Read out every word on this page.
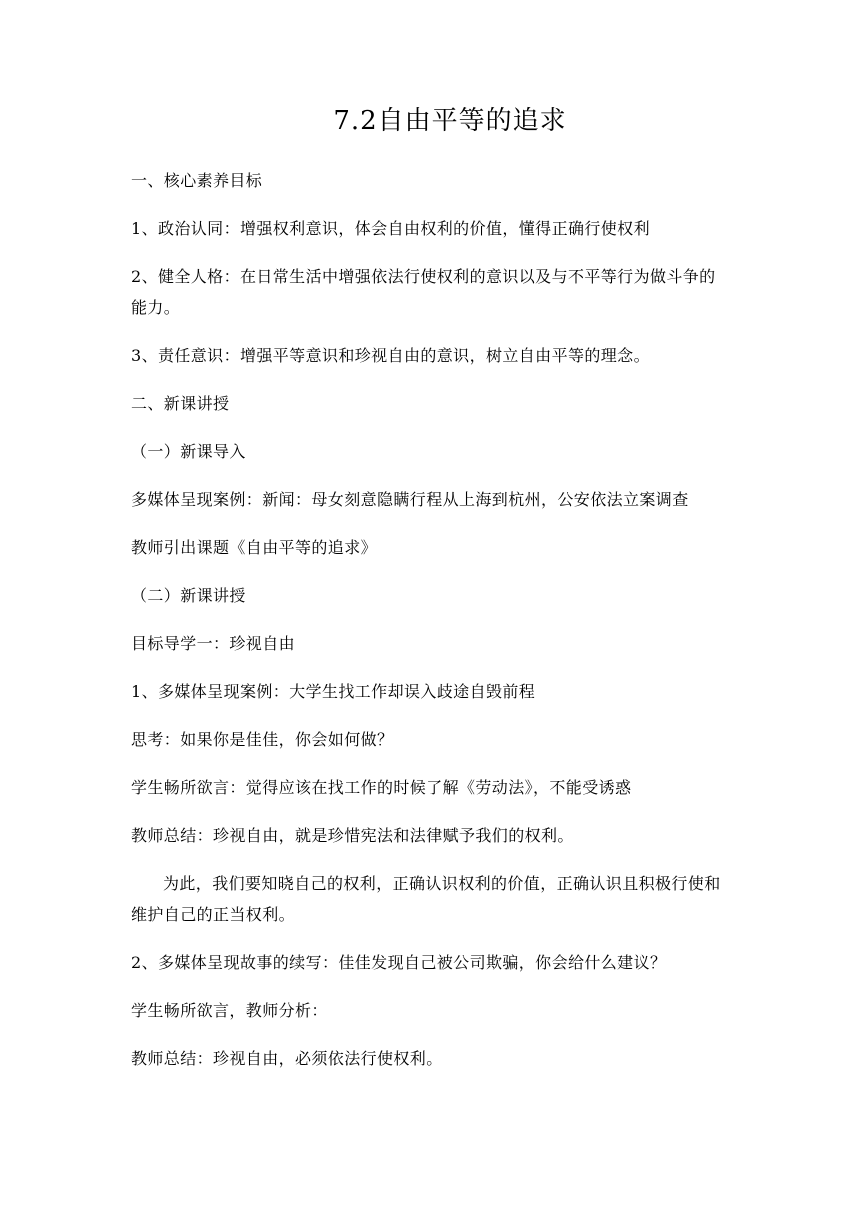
7.2自由平等的追求

一、核心素养目标

1、政治认同：增强权利意识，体会自由权利的价值，懂得正确行使权利

2、健全人格：在日常生活中增强依法行使权利的意识以及与不平等行为做斗争的能力。

3、责任意识：增强平等意识和珍视自由的意识，树立自由平等的理念。

二、新课讲授

（一）新课导入

多媒体呈现案例：新闻：母女刻意隐瞒行程从上海到杭州，公安依法立案调查

教师引出课题《自由平等的追求》

（二）新课讲授

目标导学一：珍视自由

1、多媒体呈现案例：大学生找工作却误入歧途自毁前程

思考：如果你是佳佳，你会如何做？

学生畅所欲言：觉得应该在找工作的时候了解《劳动法》，不能受诱惑

教师总结：珍视自由，就是珍惜宪法和法律赋予我们的权利。

为此，我们要知晓自己的权利，正确认识权利的价值，正确认识且积极行使和维护自己的正当权利。

2、多媒体呈现故事的续写：佳佳发现自己被公司欺骗，你会给什么建议？

学生畅所欲言，教师分析：

教师总结：珍视自由，必须依法行使权利。
